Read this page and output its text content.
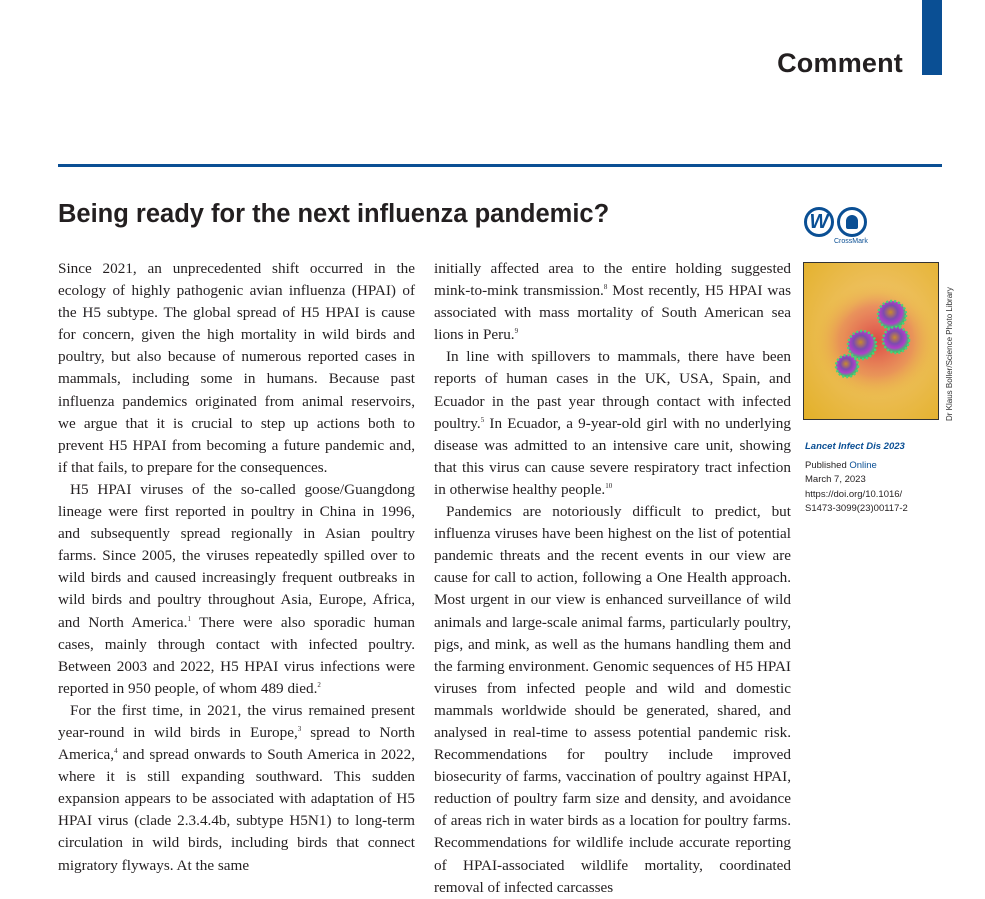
Comment
Being ready for the next influenza pandemic?	W
CrossMark
Dr Klaus Boller/Science Photo Library
Lancet Infect Dis 2023
Published Online
March 7, 2023
https://doi.org/10.1016/
S1473-3099(23)00117-2

Since 2021, an unprecedented shift occurred in the ecology of highly pathogenic avian influenza (HPAI) of the H5 subtype. The global spread of H5 HPAI is cause for concern, given the high mortality in wild birds and poultry, but also because of numerous reported cases in mammals, including some in humans. Because past influenza pandemics originated from animal reservoirs, we argue that it is crucial to step up actions both to prevent H5 HPAI from becoming a future pandemic and, if that fails, to prepare for the consequences.

H5 HPAI viruses of the so-called goose/Guangdong lineage were first reported in poultry in China in 1996, and subsequently spread regionally in Asian poultry farms. Since 2005, the viruses repeatedly spilled over to wild birds and caused increasingly frequent outbreaks in wild birds and poultry throughout Asia, Europe, Africa, and North America.$^1$ There were also sporadic human cases, mainly through contact with infected poultry. Between 2003 and 2022, H5 HPAI virus infections were reported in 950 people, of whom 489 died.$^2$

For the first time, in 2021, the virus remained present year-round in wild birds in Europe,$^3$ spread to North America,$^4$ and spread onwards to South America in 2022, where it is still expanding southward. This sudden expansion appears to be associated with adaptation of H5 HPAI virus (clade 2.3.4.4b, subtype H5N1) to long-term circulation in wild birds, including birds that connect migratory flyways. At the same

initially affected area to the entire holding suggested mink-to-mink transmission.$^8$ Most recently, H5 HPAI was associated with mass mortality of South American sea lions in Peru.$^9$

In line with spillovers to mammals, there have been reports of human cases in the UK, USA, Spain, and Ecuador in the past year through contact with infected poultry.$^5$ In Ecuador, a 9-year-old girl with no underlying disease was admitted to an intensive care unit, showing that this virus can cause severe respiratory tract infection in otherwise healthy people.$^{10}$

Pandemics are notoriously difficult to predict, but influenza viruses have been highest on the list of potential pandemic threats and the recent events in our view are cause for call to action, following a One Health approach. Most urgent in our view is enhanced surveillance of wild animals and large-scale animal farms, particularly poultry, pigs, and mink, as well as the humans handling them and the farming environment. Genomic sequences of H5 HPAI viruses from infected people and wild and domestic mammals worldwide should be generated, shared, and analysed in real-time to assess potential pandemic risk. Recommendations for poultry include improved biosecurity of farms, vaccination of poultry against HPAI, reduction of poultry farm size and density, and avoidance of areas rich in water birds as a location for poultry farms. Recommendations for wildlife include accurate reporting of HPAI-associated wildlife mortality, coordinated removal of infected carcasses
